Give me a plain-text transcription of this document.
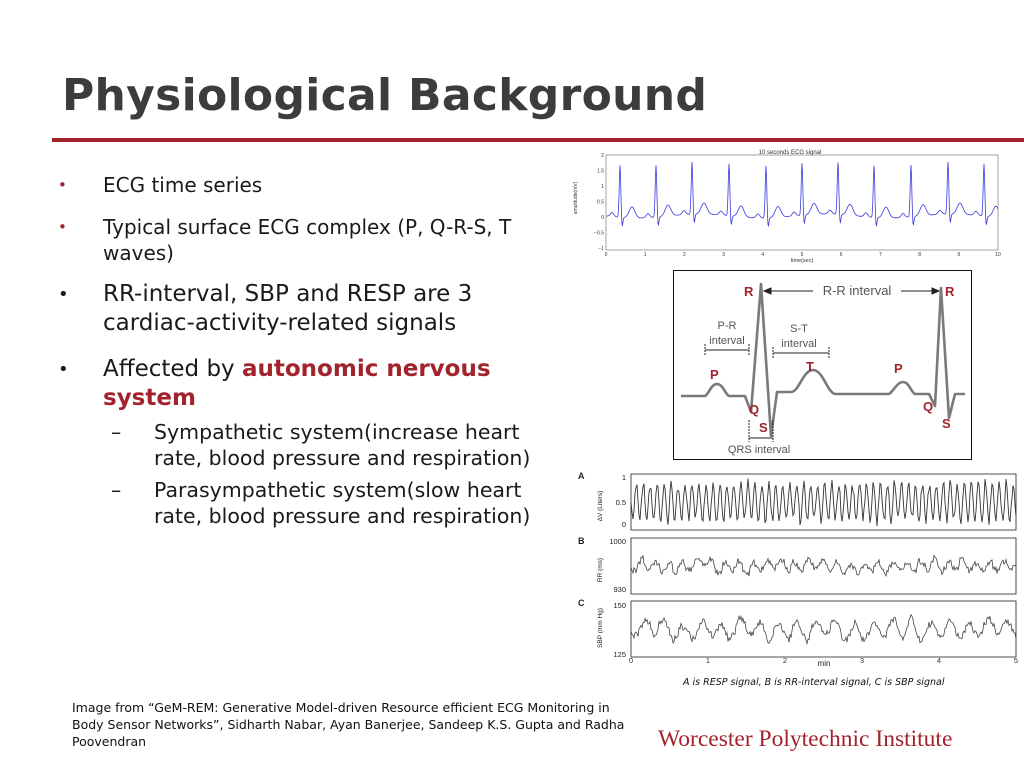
Physiological Background
• ECG time series
• Typical surface ECG complex (P, Q-R-S, T waves)
• RR-interval, SBP and RESP are 3 cardiac-activity-related signals
• Affected by autonomic nervous system
– Sympathetic system(increase heart rate, blood pressure and respiration)
– Parasympathetic system(slow heart rate, blood pressure and respiration)
10 seconds ECG signal
amplitude(mV)
2
1.5
1
0.5
0
−0.5
−1
0	1	2	3	4	5	6	7	8	9	10
time(sec)
R	R
P
T	P
Q
S
Q
S
R-R interval
P-R
interval
S-T
interval
QRS interval
A
B
C
ΔV (Liters)
RR (ms)
SBP (mm Hg)
1
0.5
0
1000
930
150
125
0	1	2	3	4	5
min
A is RESP signal, B is RR-interval signal, C is SBP signal
Image from “GeM-REM: Generative Model-driven Resource efficient ECG Monitoring in Body Sensor Networks”, Sidharth Nabar, Ayan Banerjee, Sandeep K.S. Gupta and Radha Poovendran	Worcester Polytechnic Institute
